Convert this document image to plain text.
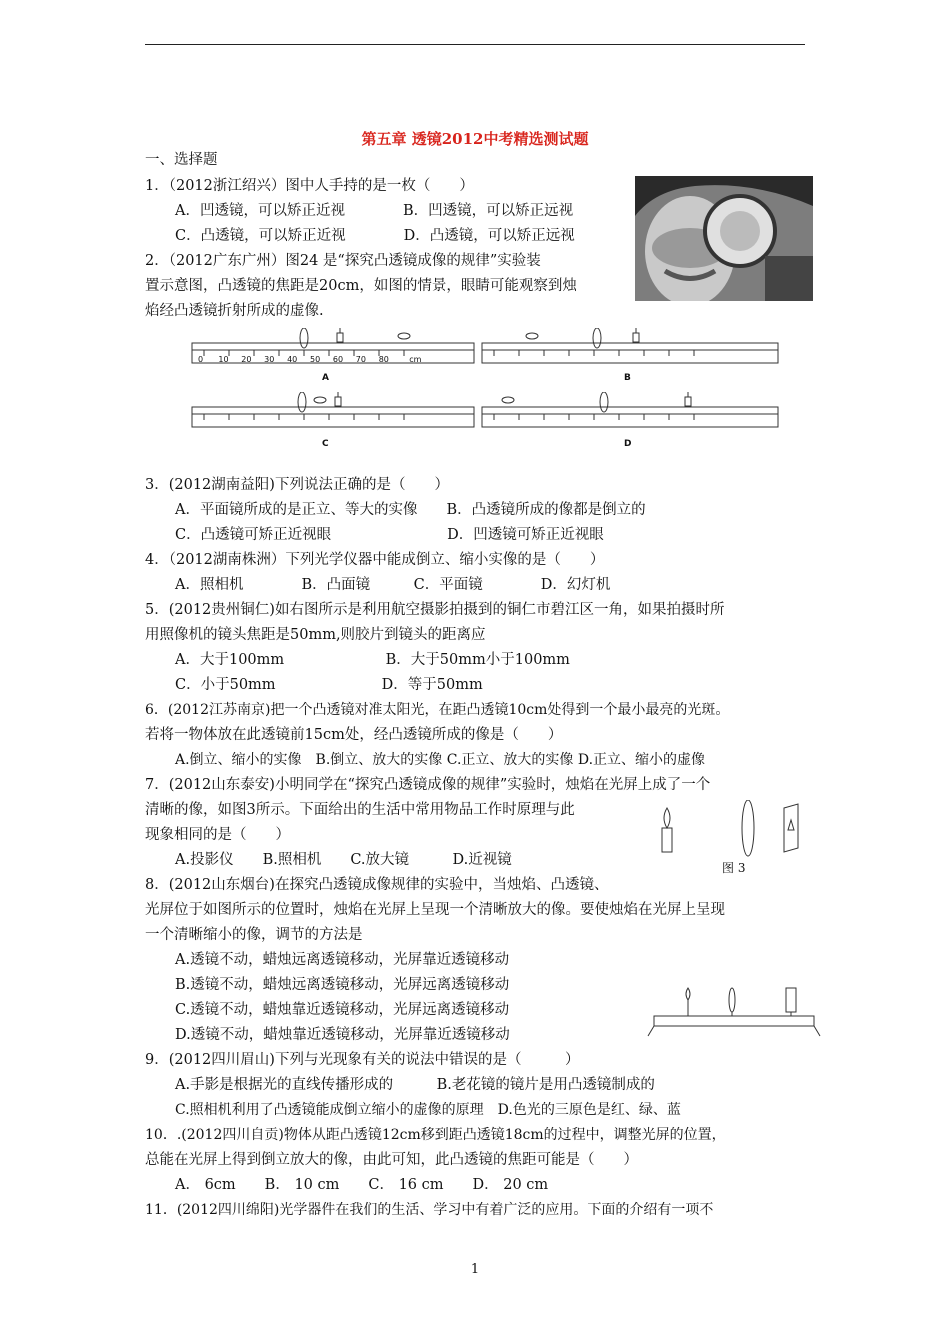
第五章 透镜2012中考精选测试题
一、选择题
1．（2012浙江绍兴）图中人手持的是一枚（　　）
A．凹透镜，可以矫正近视　　　　B．凹透镜，可以矫正远视
C．凸透镜，可以矫正近视　　　　D．凸透镜，可以矫正远视
2．（2012广东广州）图24 是“探究凸透镜成像的规律”实验装
置示意图，凸透镜的焦距是20cm，如图的情景，眼睛可能观察到烛
焰经凸透镜折射所成的虚像.
0 10 20 30 40 50 60 70 80	cm
A	B
C	D
3．(2012湖南益阳)下列说法正确的是（　　）
A．平面镜所成的是正立、等大的实像　　B．凸透镜所成的像都是倒立的
C．凸透镜可矫正近视眼　　　　　　　　D．凹透镜可矫正近视眼
4．（2012湖南株洲）下列光学仪器中能成倒立、缩小实像的是（　　）
A．照相机　　　　B．凸面镜　　　C．平面镜　　　　D．幻灯机
5．(2012贵州铜仁)如右图所示是利用航空摄影拍摄到的铜仁市碧江区一角，如果拍摄时所
用照像机的镜头焦距是50mm,则胶片到镜头的距离应
A．大于100mm　　　　　　　B．大于50mm小于100mm
C．小于50mm　　　　　　　 D．等于50mm
6．(2012江苏南京)把一个凸透镜对准太阳光，在距凸透镜10cm处得到一个最小最亮的光斑。
若将一物体放在此透镜前15cm处，经凸透镜所成的像是（　　）
A.倒立、缩小的实像　B.倒立、放大的实像 C.正立、放大的实像 D.正立、缩小的虚像
7．(2012山东泰安)小明同学在“探究凸透镜成像的规律”实验时，烛焰在光屏上成了一个
清晰的像，如图3所示。下面给出的生活中常用物品工作时原理与此
现象相同的是（　　）
A.投影仪　　B.照相机　　C.放大镜　　　D.近视镜	图 3
8．(2012山东烟台)在探究凸透镜成像规律的实验中，当烛焰、凸透镜、
光屏位于如图所示的位置时，烛焰在光屏上呈现一个清晰放大的像。要使烛焰在光屏上呈现
一个清晰缩小的像，调节的方法是
A.透镜不动，蜡烛远离透镜移动，光屏靠近透镜移动
B.透镜不动，蜡烛远离透镜移动，光屏远离透镜移动
C.透镜不动，蜡烛靠近透镜移动，光屏远离透镜移动
D.透镜不动，蜡烛靠近透镜移动，光屏靠近透镜移动
9．(2012四川眉山)下列与光现象有关的说法中错误的是（　　　）
A.手影是根据光的直线传播形成的　　　B.老花镜的镜片是用凸透镜制成的
C.照相机利用了凸透镜能成倒立缩小的虚像的原理　D.色光的三原色是红、绿、蓝
10．.(2012四川自贡)物体从距凸透镜12cm移到距凸透镜18cm的过程中，调整光屏的位置，
总能在光屏上得到倒立放大的像，由此可知，此凸透镜的焦距可能是（　　）
A． 6cm　　B． 10 cm　　C． 16 cm　　D． 20 cm
11．(2012四川绵阳)光学器件在我们的生活、学习中有着广泛的应用。下面的介绍有一项不
1
